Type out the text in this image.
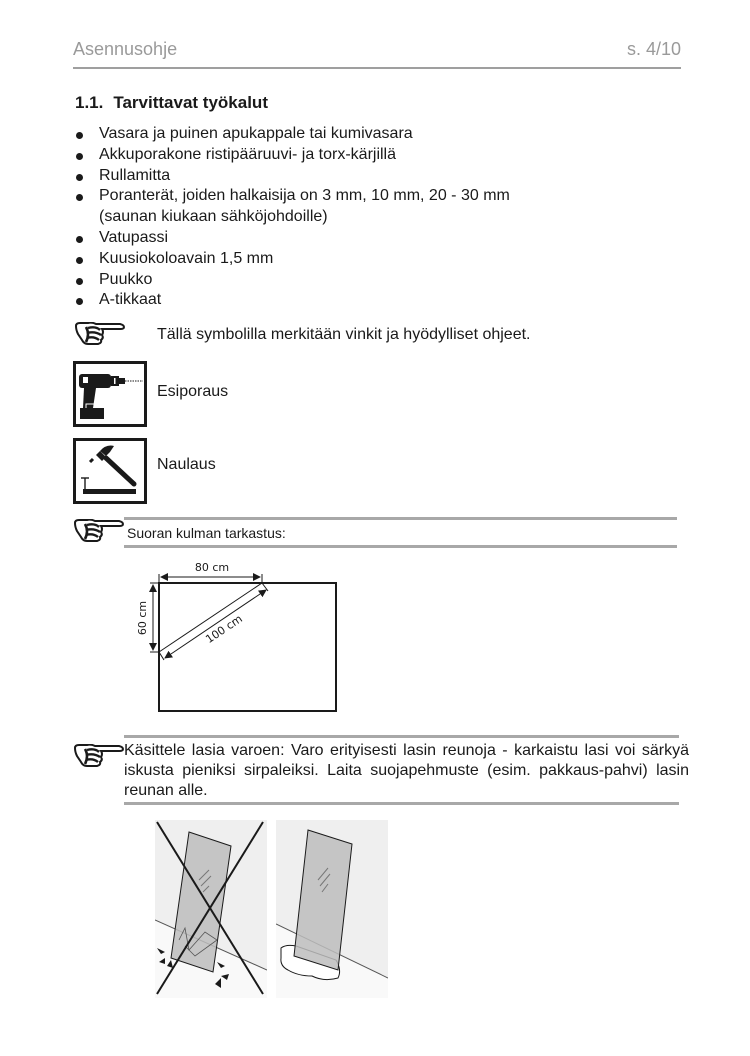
Asennusohje	s. 4/10
1.1. Tarvittavat työkalut
Vasara ja puinen apukappale tai kumivasara
Akkuporakone ristipääruuvi- ja torx-kärjillä
Rullamitta
Poranterät, joiden halkaisija on 3 mm, 10 mm, 20 - 30 mm
(saunan kiukaan sähköjohdoille)
Vatupassi
Kuusiokoloavain 1,5 mm
Puukko
A-tikkaat
Tällä symbolilla merkitään vinkit ja hyödylliset ohjeet.
Esiporaus
Naulaus
Suoran kulman tarkastus:
80 cm
60 cm	100 cm
Käsittele lasia varoen: Varo erityisesti lasin reunoja - karkaistu lasi voi särkyä iskusta pieniksi sirpaleiksi. Laita suojapehmuste (esim. pakkaus-pahvi) lasin reunan alle.
